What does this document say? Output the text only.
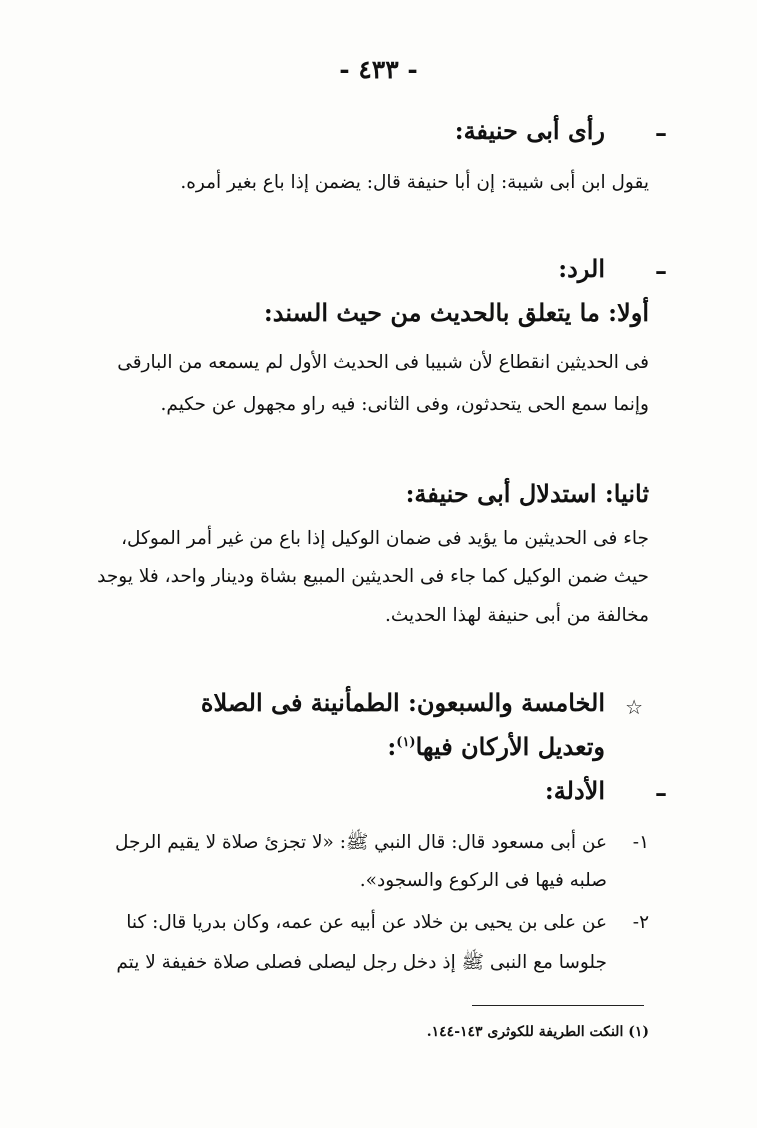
- ٤٣٣ -
–
رأى أبى حنيفة:
يقول ابن أبى شيبة: إن أبا حنيفة قال: يضمن إذا باع بغير أمره.
–
الرد:
أولا: ما يتعلق بالحديث من حيث السند:
فى الحديثين انقطاع لأن شبيبا فى الحديث الأول لم يسمعه من البارقى
وإنما سمع الحى يتحدثون، وفى الثانى: فيه راو مجهول عن حكيم.
ثانيا: استدلال أبى حنيفة:
جاء فى الحديثين ما يؤيد فى ضمان الوكيل إذا باع من غير أمر الموكل،
حيث ضمن الوكيل كما جاء فى الحديثين المبيع بشاة ودينار واحد، فلا يوجد
مخالفة من أبى حنيفة لهذا الحديث.
☆
الخامسة والسبعون: الطمأنينة فى الصلاة
وتعديل الأركان فيها$^{(١)}$:
–
الأدلة:
١-
عن أبى مسعود قال: قال النبي ﷺ: «لا تجزئ صلاة لا يقيم الرجل
صلبه فيها فى الركوع والسجود».
٢-
عن على بن يحيى بن خلاد عن أبيه عن عمه، وكان بدريا قال: كنا
جلوسا مع النبى ﷺ إذ دخل رجل ليصلى فصلى صلاة خفيفة لا يتم
(١) النكت الطريفة للكوثرى ١٤٣-١٤٤.
